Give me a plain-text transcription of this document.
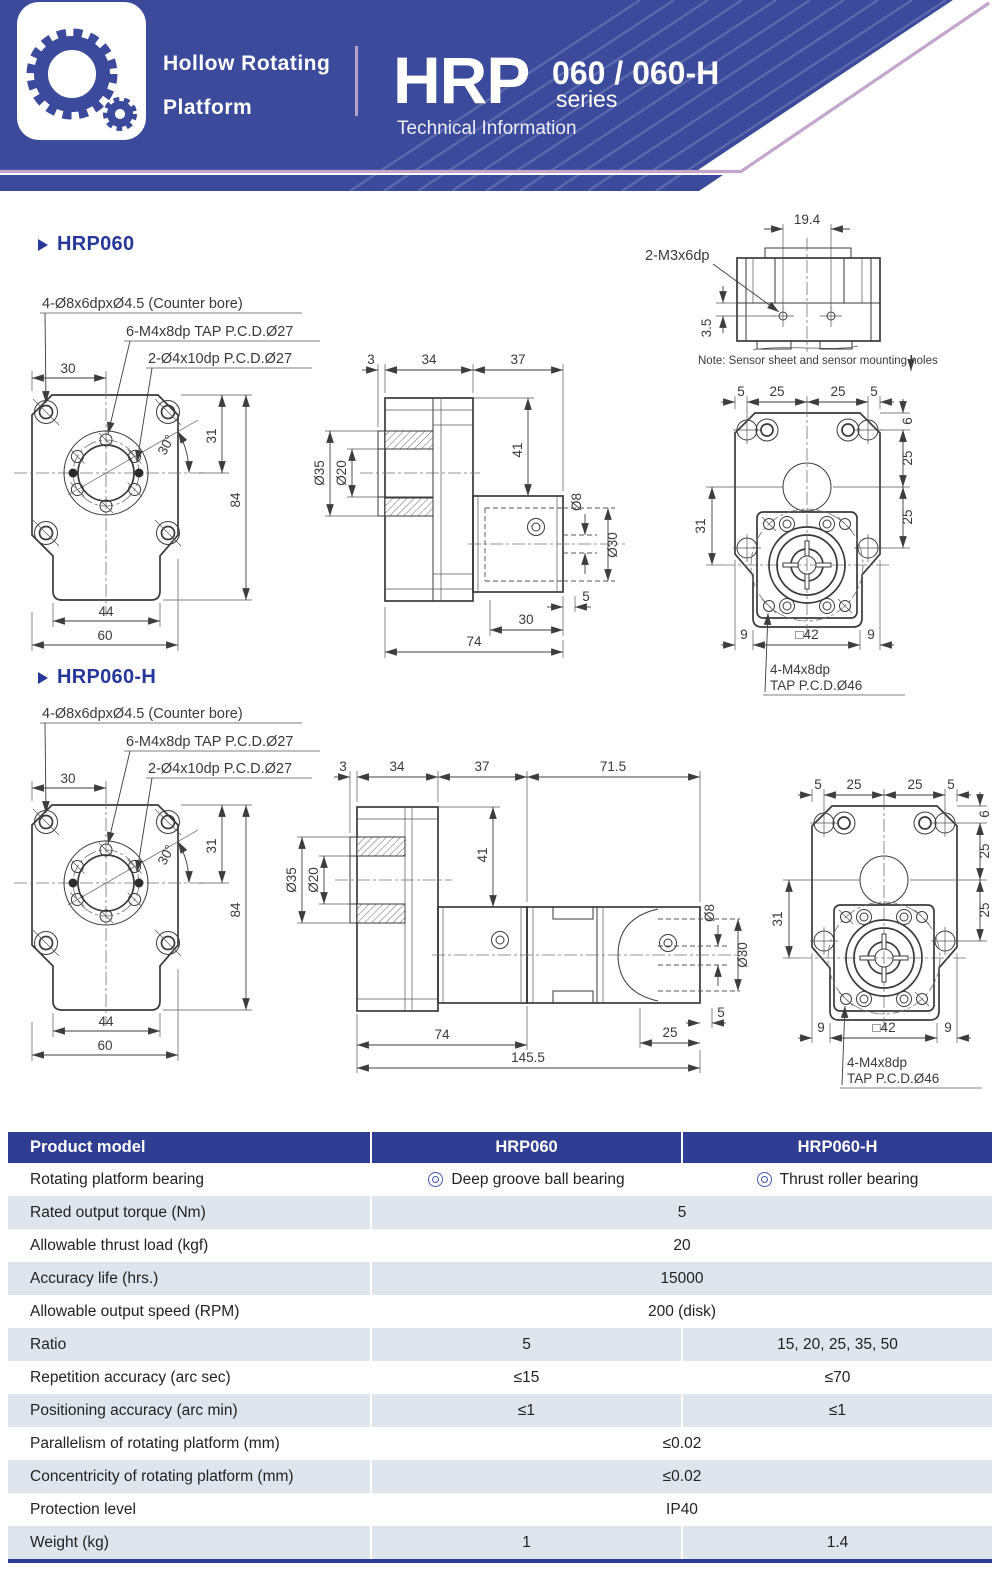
Hollow Rotating
Platform HRP 060 / 060-H
series
Technical Information
HRP060
HRP060-H
30°
30
31
84
44
60
4-Ø8x6dpxØ4.5 (Counter bore)
6-M4x8dp TAP P.C.D.Ø27
2-Ø4x10dp P.C.D.Ø27	3	34	37
41
Ø35 Ø20
Ø8
Ø30
5
30
74
19.4
2-M3x6dp
3.5
Note: Sensor sheet and sensor mounting holes
5 25	25 5
6
25
25
31
9	□42	9
4-M4x8dp
TAP P.C.D.Ø46
3	34	37	71.5
41
Ø35 Ø20
Ø8
Ø30
5
25
74
145.5
Product model	HRP060	HRP060-H
Rotating platform bearing	Deep groove ball bearing	Thrust roller bearing
Rated output torque (Nm)	5
Allowable thrust load (kgf)	20
Accuracy life (hrs.)	15000
Allowable output speed (RPM)	200 (disk)
Ratio	5	15, 20, 25, 35, 50
Repetition accuracy (arc sec)	≤15	≤70
Positioning accuracy (arc min)	≤1	≤1
Parallelism of rotating platform (mm)	≤0.02
Concentricity of rotating platform (mm)	≤0.02
Protection level	IP40
Weight (kg)	1	1.4
